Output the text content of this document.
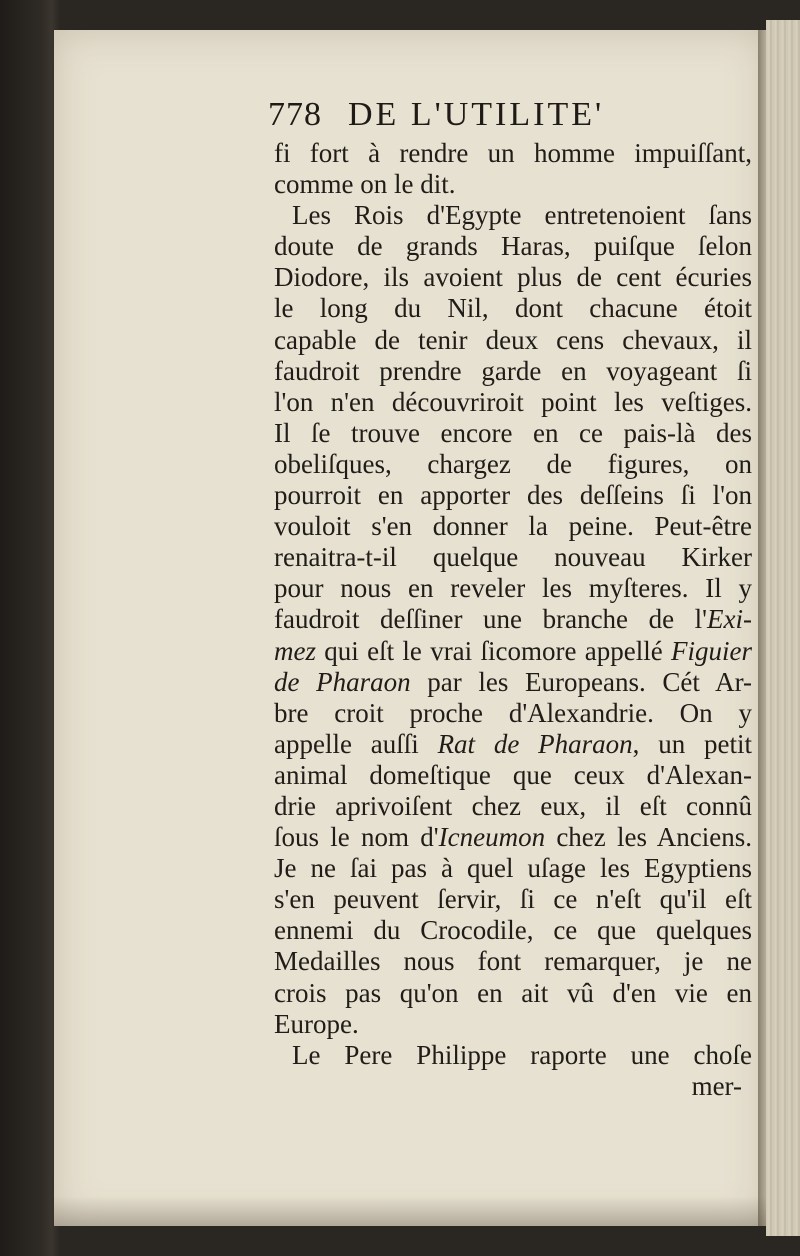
778 DE L'UTILITE'
fi fort à rendre un homme impuiſſant,
comme on le dit.
Les Rois d'Egypte entretenoient ſans
doute de grands Haras, puiſque ſelon
Diodore, ils avoient plus de cent écuries
le long du Nil, dont chacune étoit
capable de tenir deux cens chevaux, il
faudroit prendre garde en voyageant ſi
l'on n'en découvriroit point les veſtiges.
Il ſe trouve encore en ce pais-là des
obeliſques, chargez de figures, on
pourroit en apporter des deſſeins ſi l'on
vouloit s'en donner la peine. Peut-être
renaitra-t-il quelque nouveau Kirker
pour nous en reveler les myſteres. Il y
faudroit deſſiner une branche de l'Exi-
mez qui eſt le vrai ſicomore appellé Figuier
de Pharaon par les Europeans. Cét Ar-
bre croit proche d'Alexandrie. On y
appelle auſſi Rat de Pharaon, un petit
animal domeſtique que ceux d'Alexan-
drie aprivoiſent chez eux, il eſt connû
ſous le nom d'Icneumon chez les Anciens.
Je ne ſai pas à quel uſage les Egyptiens
s'en peuvent ſervir, ſi ce n'eſt qu'il eſt
ennemi du Crocodile, ce que quelques
Medailles nous font remarquer, je ne
crois pas qu'on en ait vû d'en vie en
Europe.
Le Pere Philippe raporte une choſe
mer-
